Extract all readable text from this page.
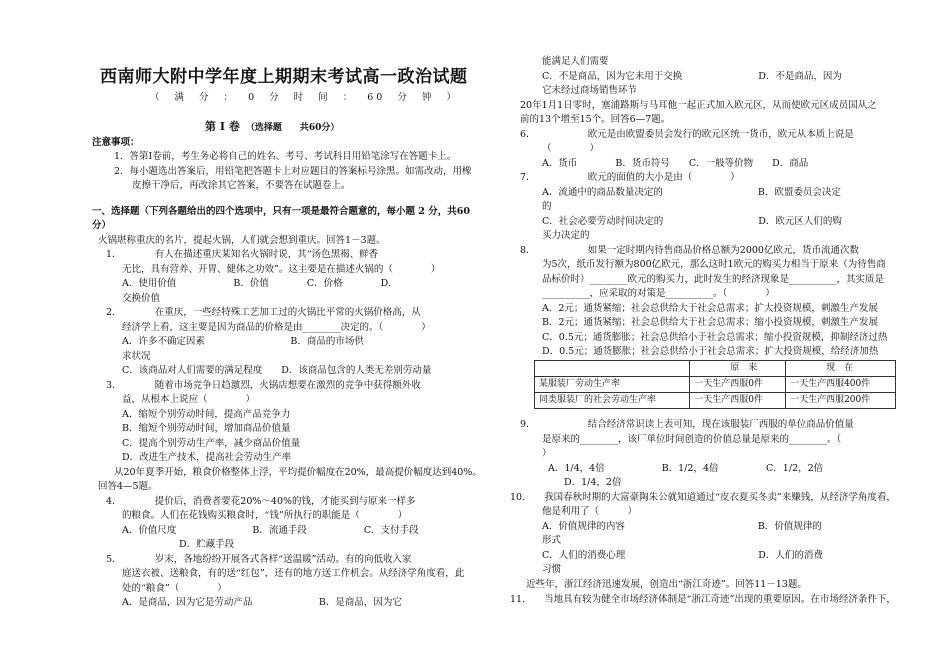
西南师大附中学年度上期期末考试高一政治试题
（ 满 分 ： 0 分 时 间 ： 60 分 钟 ）
第 Ⅰ 卷 （选择题　　共60分）
注意事项：
1．答第Ⅰ卷前，考生务必将自己的姓名、考号、考试科目用铅笔涂写在答题卡上。
2．每小题选出答案后，用铅笔把答题卡上对应题目的答案标号涂黑。如需改动，用橡
皮擦干净后，再改涂其它答案，不要答在试题卷上。
一、选择题（下列各题给出的四个选项中，只有一项是最符合题意的，每小题 2 分，共60
分）
火锅堪称重庆的名片，提起火锅，人们就会想到重庆。回答1－3题。
1．　　　　有人在描述重庆某知名火锅时说，其“汤色黑褐、鲜香
无比，具有营养、开胃、健体之功效”。这主要是在描述火锅的（　　　　）
A．使用价值　　　　　　B．价值　　　　C．价格　　　　D．
交换价值
2．　　　　在重庆，一些经特殊工艺加工过的火锅比平常的火锅价格高，从
经济学上看，这主要是因为商品的价格是由________决定的。（　　　　）
A．许多不确定因素　　　　　　　　　B．商品的市场供
求状况
C．该商品对人们需要的满足程度　　D．该商品包含的人类无差别劳动量
3．　　　　随着市场竞争日趋激烈，火锅店想要在激烈的竞争中获得额外收
益，从根本上说应（　　　　）
A．缩短个别劳动时间，提高产品竞争力
B．缩短个别劳动时间，增加商品价值量
C．提高个别劳动生产率，减少商品价值量
D．改进生产技术，提高社会劳动生产率
从20年夏季开始，粮食价格整体上浮，平均提价幅度在20%，最高提价幅度达到40%。
回答4—5题。
4．　　　　提价后，消费者要花20%～40%的钱，才能买到与原来一样多
的粮食。人们在花钱购买粮食时，“钱”所执行的职能是（　　　　）
A．价值尺度　　　　　　　　B．流通手段　　　　　　C．支付手段
　　　　　　D．贮藏手段
5．　　　　岁末，各地纷纷开展各式各样“送温暖”活动。有的向低收入家
庭送衣被、送粮食，有的送“红包”，还有的地方送工作机会。从经济学角度看，此
处的“粮食”（　　　　）
A．是商品，因为它是劳动产品　　　　　　　B．是商品，因为它
能满足人们需要
C．不是商品，因为它未用于交换　　　　　　　　D．不是商品，因为
它未经过商场销售环节
20年1月1日零时，塞浦路斯与马耳他一起正式加入欧元区，从而使欧元区成员国从之
前的13个增至15个。回答6—7题。
6．　　　　　　欧元是由欧盟委员会发行的欧元区统一货币，欧元从本质上说是
（　　　　）
A．货币　　　　B．货币符号　　C．一般等价物　　D．商品
7．　　　　　　欧元的面值的大小是由（　　　　）
A．流通中的商品数量决定的　　　　　　　　　　B．欧盟委员会决定
的
C．社会必要劳动时间决定的　　　　　　　　　　D．欧元区人们的购
买力决定的
8．　　　　　　如果一定时期内待售商品价格总额为2000亿欧元，货币流通次数
为5次，纸币发行额为800亿欧元，那么这时1欧元的购买力相当于原来（为待售商
品标价时）________欧元的购买力，此时发生的经济现象是__________，其实质是
__________，应采取的对策是__________。（　　　　）
A．2元；通货紧缩；社会总供给大于社会总需求；扩大投资规模，刺激生产发展
B．2元；通货紧缩；社会总供给大于社会总需求；缩小投资规模，刺激生产发展
C．0.5元；通货膨胀；社会总供给小于社会总需求；缩小投资规模，抑制经济过热
D．0.5元；通货膨胀；社会总供给小于社会总需求；扩大投资规模，给经济加热
	原　来	现　在
某服装厂劳动生产率	一天生产西服0件	一天生产西服400件
同类服装厂的社会劳动生产率	一天生产西服0件	一天生产西服200件
9．　　　　　　结合经济常识读上表可知，现在该服装厂西服的单位商品价值量
是原来的________，该厂单位时间创造的价值总量是原来的________。（
）
A．1/4，4倍　　　　　　B．1/2，4倍　　　　　C．1/2，2倍
D．1/4，2倍
10.　　我国春秋时期的大富豪陶朱公就知道通过“皮衣夏买冬卖”来赚钱，从经济学角度看，
他是利用了（　　　）
A．价值规律的内容　　　　　　　　　　　　　　B．价值规律的
形式
C．人们的消费心理　　　　　　　　　　　　　　D．人们的消费
习惯
近些年，浙江经济迅速发展，创造出“浙江奇迹”。回答11－13题。
11.　　当地具有较为健全市场经济体制是“浙江奇迹”出现的重要原因。在市场经济条件下，
